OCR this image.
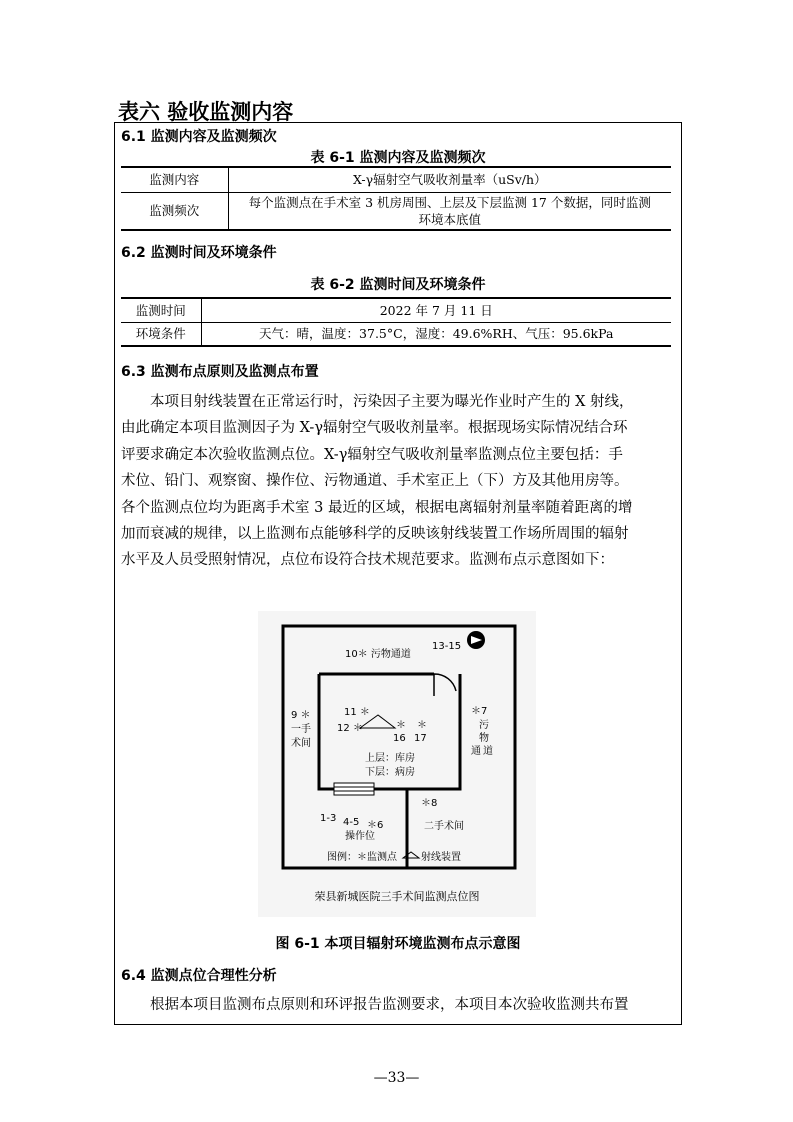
表六 验收监测内容
6.1 监测内容及监测频次
表 6-1 监测内容及监测频次
监测内容	X-γ辐射空气吸收剂量率（uSv/h）
监测频次	每个监测点在手术室 3 机房周围、上层及下层监测 17 个数据，同时监测
环境本底值
6.2 监测时间及环境条件
表 6-2 监测时间及环境条件
监测时间	2022 年 7 月 11 日
环境条件	天气：晴，温度：37.5°C，湿度：49.6%RH、气压：95.6kPa
6.3 监测布点原则及监测点布置
本项目射线装置在正常运行时，污染因子主要为曝光作业时产生的 X 射线，
由此确定本项目监测因子为 X-γ辐射空气吸收剂量率。根据现场实际情况结合环
评要求确定本次验收监测点位。X-γ辐射空气吸收剂量率监测点位主要包括：手
术位、铅门、观察窗、操作位、污物通道、手术室正上（下）方及其他用房等。
各个监测点位均为距离手术室 3 最近的区域，根据电离辐射剂量率随着距离的增
加而衰减的规律，以上监测布点能够科学的反映该射线装置工作场所周围的辐射
水平及人员受照射情况，点位布设符合技术规范要求。监测布点示意图如下：
10＊ 污物通道
13-15
9 ＊
一手
术间
11 ＊
12 ＊	＊
16
＊
17
＊7
污
物
通 道
上层：库房
下层：病房
＊8
1-3 4-5 ＊6
操作位
二手术间
图例：＊监测点 射线装置
荣县新城医院三手术间监测点位图
图 6-1 本项目辐射环境监测布点示意图
6.4 监测点位合理性分析
根据本项目监测布点原则和环评报告监测要求，本项目本次验收监测共布置
—33—
